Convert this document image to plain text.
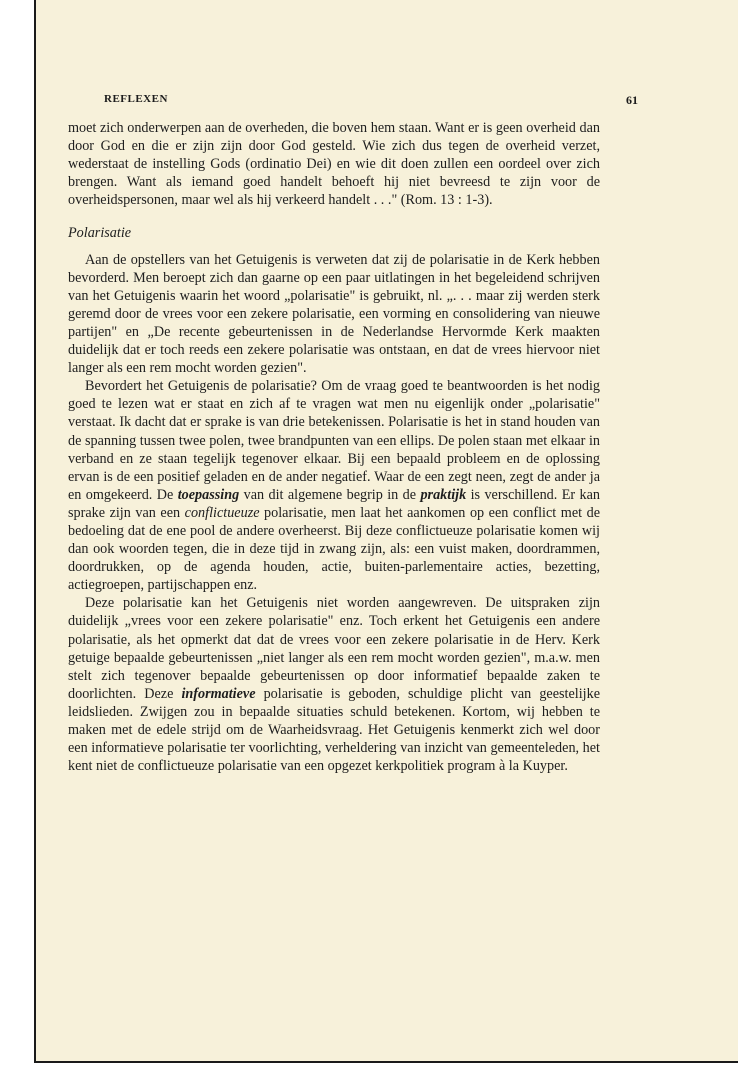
REFLEXEN	61

moet zich onderwerpen aan de overheden, die boven hem staan. Want er is geen overheid dan door God en die er zijn zijn door God gesteld. Wie zich dus tegen de overheid verzet, wederstaat de instelling Gods (ordinatio Dei) en wie dit doen zullen een oordeel over zich brengen. Want als iemand goed handelt behoeft hij niet bevreesd te zijn voor de overheidspersonen, maar wel als hij verkeerd handelt . . ." (Rom. 13 : 1-3).

Polarisatie

Aan de opstellers van het Getuigenis is verweten dat zij de polarisatie in de Kerk hebben bevorderd. Men beroept zich dan gaarne op een paar uitlatingen in het begeleidend schrijven van het Getuigenis waarin het woord „polarisatie" is gebruikt, nl. „. . . maar zij werden sterk geremd door de vrees voor een zekere polarisatie, een vorming en consolidering van nieuwe partijen" en „De recente gebeurtenissen in de Nederlandse Hervormde Kerk maakten duidelijk dat er toch reeds een zekere polarisatie was ontstaan, en dat de vrees hiervoor niet langer als een rem mocht worden gezien".

Bevordert het Getuigenis de polarisatie? Om de vraag goed te beantwoorden is het nodig goed te lezen wat er staat en zich af te vragen wat men nu eigenlijk onder „polarisatie" verstaat. Ik dacht dat er sprake is van drie betekenissen. Polarisatie is het in stand houden van de spanning tussen twee polen, twee brandpunten van een ellips. De polen staan met elkaar in verband en ze staan tegelijk tegenover elkaar. Bij een bepaald probleem en de oplossing ervan is de een positief geladen en de ander negatief. Waar de een zegt neen, zegt de ander ja en omgekeerd. De toepassing van dit algemene begrip in de praktijk is verschillend. Er kan sprake zijn van een conflictueuze polarisatie, men laat het aankomen op een conflict met de bedoeling dat de ene pool de andere overheerst. Bij deze conflictueuze polarisatie komen wij dan ook woorden tegen, die in deze tijd in zwang zijn, als: een vuist maken, doordrammen, doordrukken, op de agenda houden, actie, buiten-parlementaire acties, bezetting, actiegroepen, partijschappen enz.

Deze polarisatie kan het Getuigenis niet worden aangewreven. De uitspraken zijn duidelijk „vrees voor een zekere polarisatie" enz. Toch erkent het Getuigenis een andere polarisatie, als het opmerkt dat dat de vrees voor een zekere polarisatie in de Herv. Kerk getuige bepaalde gebeurtenissen „niet langer als een rem mocht worden gezien", m.a.w. men stelt zich tegenover bepaalde gebeurtenissen op door informatief bepaalde zaken te doorlichten. Deze informatieve polarisatie is geboden, schuldige plicht van geestelijke leidslieden. Zwijgen zou in bepaalde situaties schuld betekenen. Kortom, wij hebben te maken met de edele strijd om de Waarheidsvraag. Het Getuigenis kenmerkt zich wel door een informatieve polarisatie ter voorlichting, verheldering van inzicht van gemeenteleden, het kent niet de conflictueuze polarisatie van een opgezet kerkpolitiek program à la Kuyper.
